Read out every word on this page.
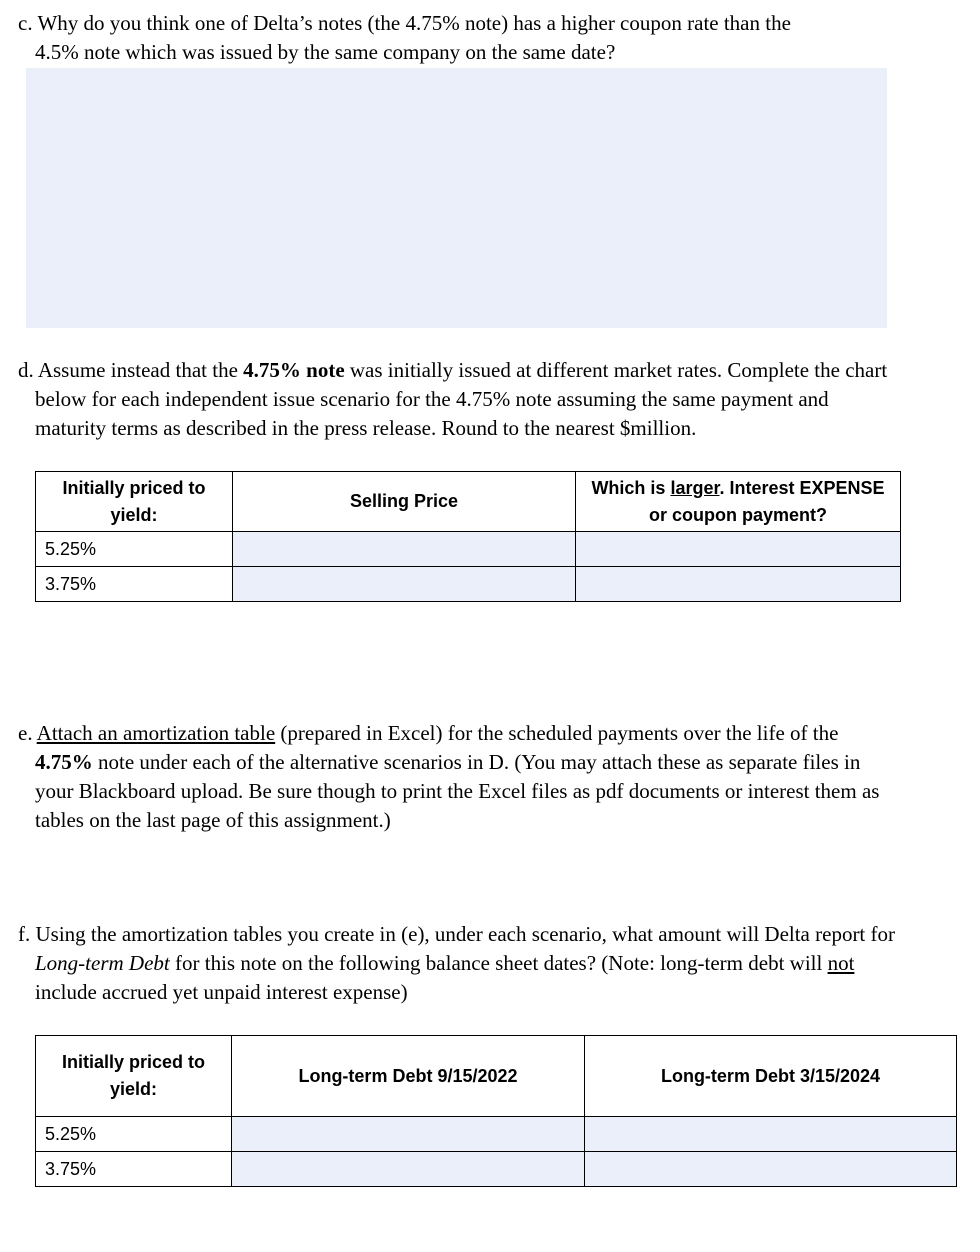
c. Why do you think one of Delta’s notes (the 4.75% note) has a higher coupon rate than the
4.5% note which was issued by the same company on the same date?

d. Assume instead that the 4.75% note was initially issued at different market rates. Complete the chart below for each independent issue scenario for the 4.75% note assuming the same payment and maturity terms as described in the press release. Round to the nearest $million.

Initially priced to yield:	Selling Price	Which is larger. Interest EXPENSE or coupon payment?
5.25%		
3.75%		

e. Attach an amortization table (prepared in Excel) for the scheduled payments over the life of the 4.75% note under each of the alternative scenarios in D. (You may attach these as separate files in your Blackboard upload. Be sure though to print the Excel files as pdf documents or interest them as tables on the last page of this assignment.)

f. Using the amortization tables you create in (e), under each scenario, what amount will Delta report for Long-term Debt for this note on the following balance sheet dates? (Note: long-term debt will not include accrued yet unpaid interest expense)

Initially priced to yield:	Long-term Debt 9/15/2022	Long-term Debt 3/15/2024
5.25%		
3.75%		
